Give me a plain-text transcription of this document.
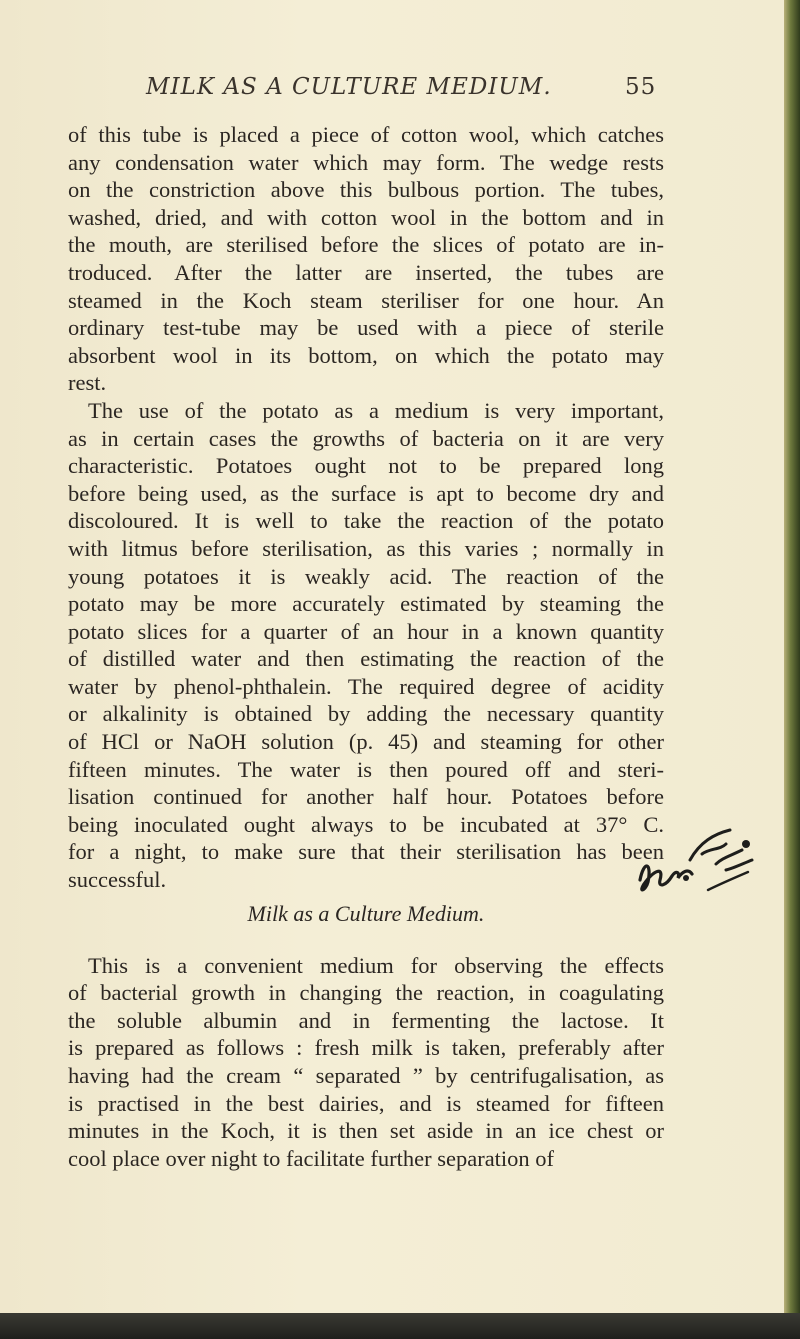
MILK AS A CULTURE MEDIUM.	55
of this tube is placed a piece of cotton wool, which catches
any condensation water which may form. The wedge rests
on the constriction above this bulbous portion. The tubes,
washed, dried, and with cotton wool in the bottom and in
the mouth, are sterilised before the slices of potato are in-
troduced. After the latter are inserted, the tubes are
steamed in the Koch steam steriliser for one hour. An
ordinary test-tube may be used with a piece of sterile
absorbent wool in its bottom, on which the potato may
rest.
The use of the potato as a medium is very important,
as in certain cases the growths of bacteria on it are very
characteristic. Potatoes ought not to be prepared long
before being used, as the surface is apt to become dry and
discoloured. It is well to take the reaction of the potato
with litmus before sterilisation, as this varies ; normally in
young potatoes it is weakly acid. The reaction of the
potato may be more accurately estimated by steaming the
potato slices for a quarter of an hour in a known quantity
of distilled water and then estimating the reaction of the
water by phenol-phthalein. The required degree of acidity
or alkalinity is obtained by adding the necessary quantity
of HCl or NaOH solution (p. 45) and steaming for other
fifteen minutes. The water is then poured off and steri-
lisation continued for another half hour. Potatoes before
being inoculated ought always to be incubated at 37° C.
for a night, to make sure that their sterilisation has been
successful.
Milk as a Culture Medium.
This is a convenient medium for observing the effects
of bacterial growth in changing the reaction, in coagulating
the soluble albumin and in fermenting the lactose. It
is prepared as follows : fresh milk is taken, preferably after
having had the cream “ separated ” by centrifugalisation, as
is practised in the best dairies, and is steamed for fifteen
minutes in the Koch, it is then set aside in an ice chest or
cool place over night to facilitate further separation of
